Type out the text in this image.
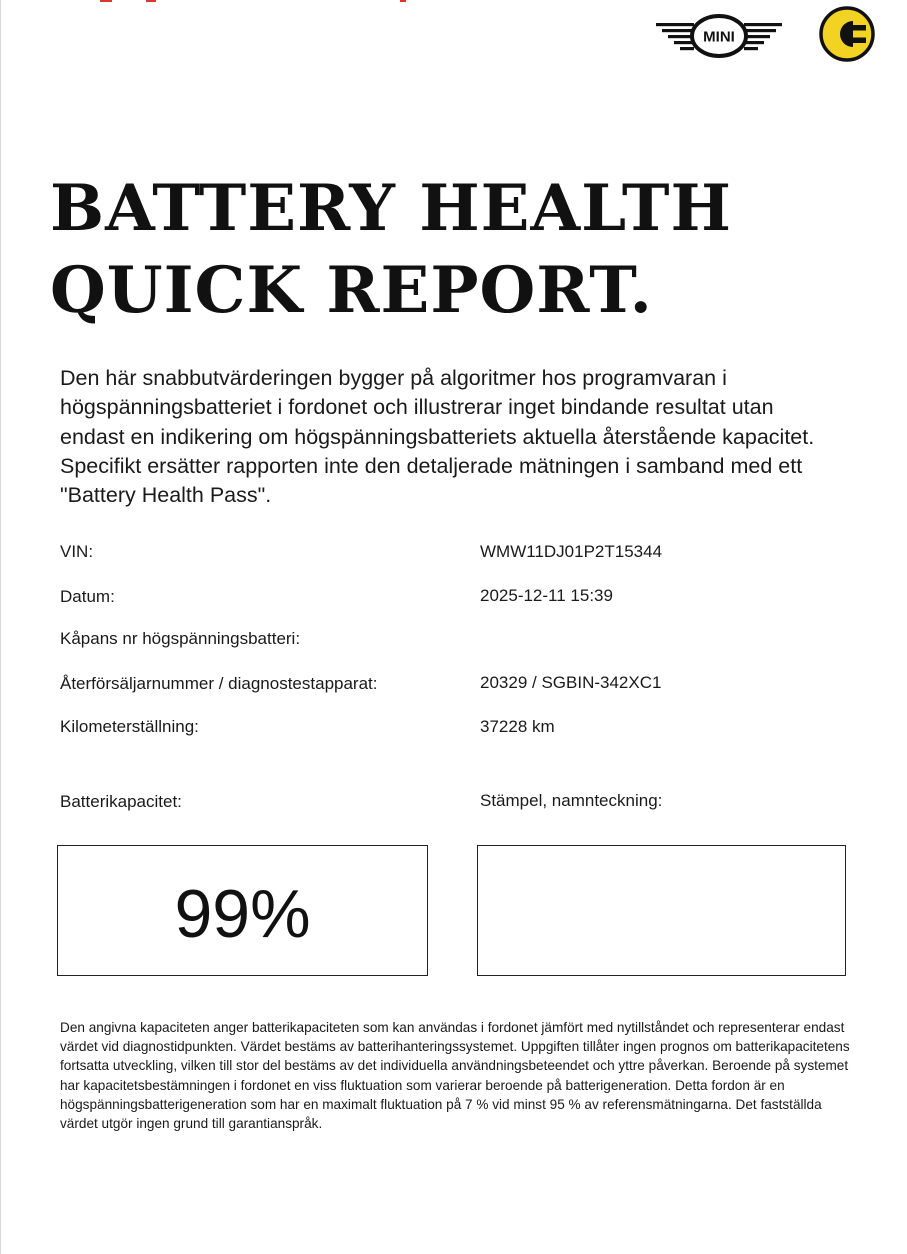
MINI
BATTERY HEALTH
QUICK REPORT.

Den här snabbutvärderingen bygger på algoritmer hos programvaran i högspänningsbatteriet i fordonet och illustrerar inget bindande resultat utan endast en indikering om högspänningsbatteriets aktuella återstående kapacitet. Specifikt ersätter rapporten inte den detaljerade mätningen i samband med ett "Battery Health Pass".

VIN:	WMW11DJ01P2T15344
Datum:	2025-12-11 15:39
Kåpans nr högspänningsbatteri:
Återförsäljarnummer / diagnostestapparat:	20329 / SGBIN-342XC1
Kilometerställning:	37228 km
Batterikapacitet:	Stämpel, namnteckning:
99%

Den angivna kapaciteten anger batterikapaciteten som kan användas i fordonet jämfört med nytillståndet och representerar endast värdet vid diagnostidpunkten. Värdet bestäms av batterihanteringssystemet. Uppgiften tillåter ingen prognos om batterikapacitetens fortsatta utveckling, vilken till stor del bestäms av det individuella användningsbeteendet och yttre påverkan. Beroende på systemet har kapacitetsbestämningen i fordonet en viss fluktuation som varierar beroende på batterigeneration. Detta fordon är en högspänningsbatterigeneration som har en maximalt fluktuation på 7 % vid minst 95 % av referensmätningarna. Det fastställda värdet utgör ingen grund till garantianspråk.
